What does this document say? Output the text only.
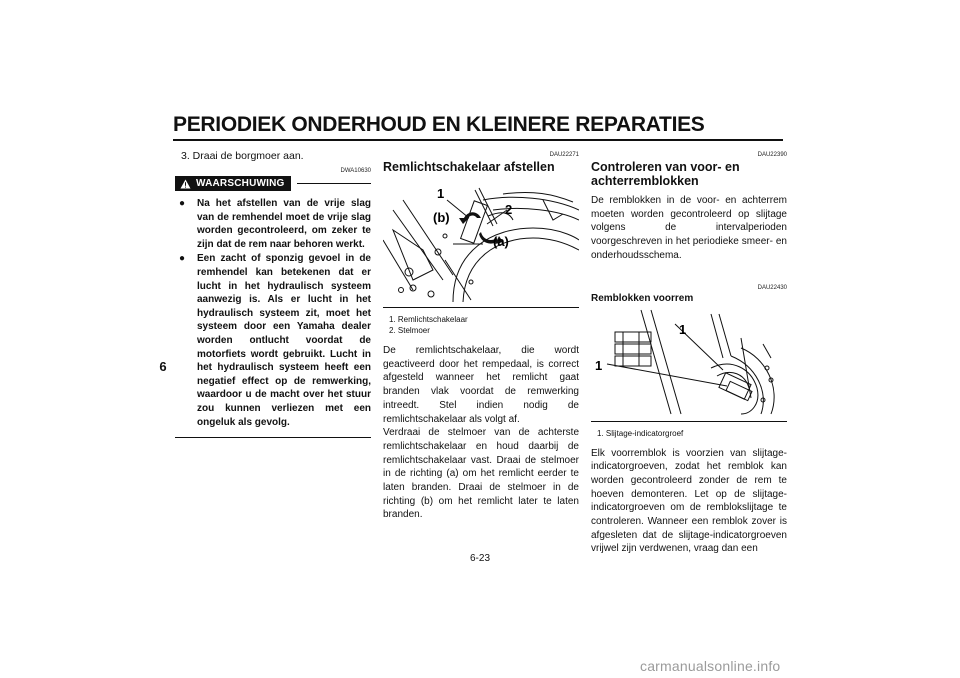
PERIODIEK ONDERHOUD EN KLEINERE REPARATIES
6

3. Draai de borgmoer aan.

DWA10630
WAARSCHUWING
● Na het afstellen van de vrije slag van de remhendel moet de vrije slag worden gecontroleerd, om zeker te zijn dat de rem naar behoren werkt.
● Een zacht of sponzig gevoel in de remhendel kan betekenen dat er lucht in het hydraulisch systeem aanwezig is. Als er lucht in het hydraulisch systeem zit, moet het systeem door een Yamaha dealer worden ontlucht voordat de motorfiets wordt gebruikt. Lucht in het hydraulisch systeem heeft een negatief effect op de remwerking, waardoor u de macht over het stuur zou kunnen verliezen met een ongeluk als gevolg.
DAU22271
Remlichtschakelaar afstellen
1
2
(a)
(b)

1. Remlichtschakelaar
2. Stelmoer

De remlichtschakelaar, die wordt geactiveerd door het rempedaal, is correct afgesteld wanneer het remlicht gaat branden vlak voordat de remwerking intreedt. Stel indien nodig de remlichtschakelaar als volgt af.

Verdraai de stelmoer van de achterste remlichtschakelaar en houd daarbij de remlichtschakelaar vast. Draai de stelmoer in de richting (a) om het remlicht eerder te laten branden. Draai de stelmoer in de richting (b) om het remlicht later te laten branden.

DAU22390
Controleren van voor- en achterremblokken

De remblokken in de voor- en achterrem moeten worden gecontroleerd op slijtage volgens de intervalperioden voorgeschreven in het periodieke smeer- en onderhoudsschema.

DAU22430
Remblokken voorrem
1
1

1. Slijtage-indicatorgroef

Elk voorremblok is voorzien van slijtage-indicatorgroeven, zodat het remblok kan worden gecontroleerd zonder de rem te hoeven demonteren. Let op de slijtage-indicatorgroeven om de remblokslijtage te controleren. Wanneer een remblok zover is afgesleten dat de slijtage-indicatorgroeven vrijwel zijn verdwenen, vraag dan een

6-23
carmanualsonline.info
